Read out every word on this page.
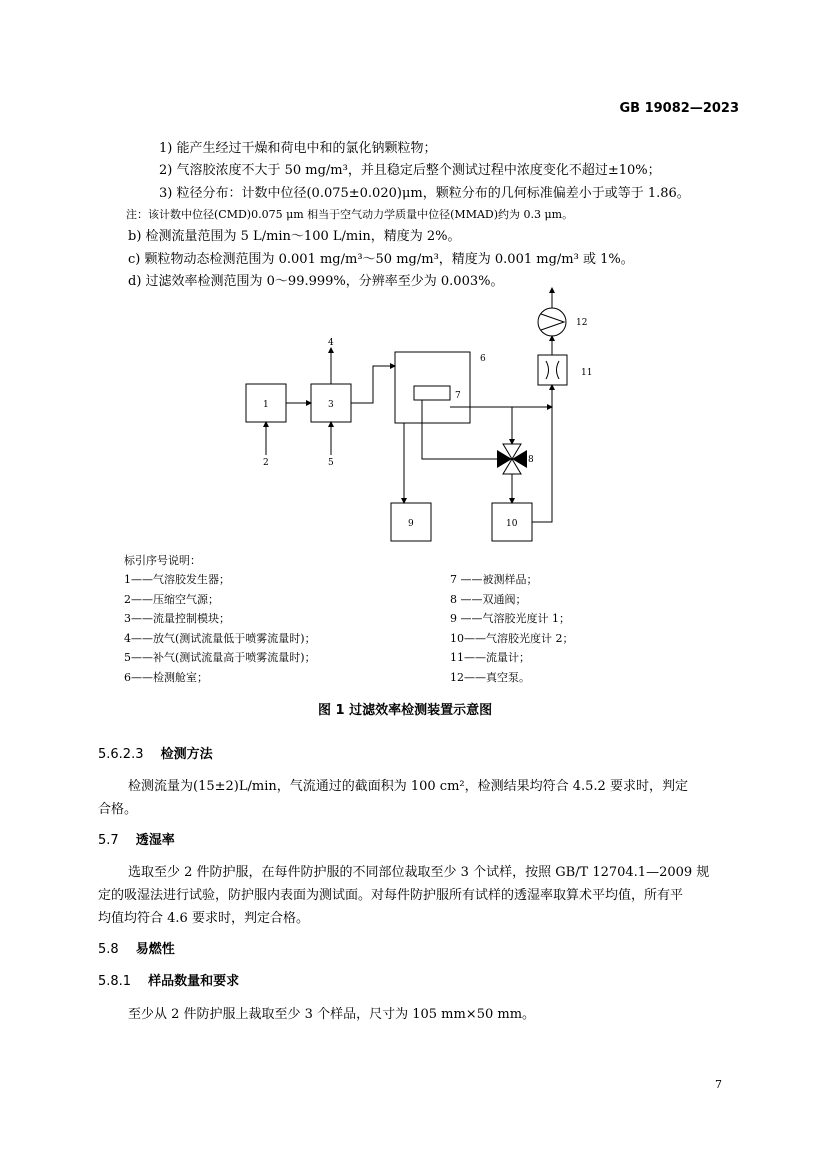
GB 19082—2023
1) 能产生经过干燥和荷电中和的氯化钠颗粒物；
2) 气溶胶浓度不大于 50 mg/m³，并且稳定后整个测试过程中浓度变化不超过±10%；
3) 粒径分布：计数中位径(0.075±0.020)μm，颗粒分布的几何标准偏差小于或等于 1.86。
注：该计数中位径(CMD)0.075 μm 相当于空气动力学质量中位径(MMAD)约为 0.3 μm。
b) 检测流量范围为 5 L/min～100 L/min，精度为 2%。
c) 颗粒物动态检测范围为 0.001 mg/m³～50 mg/m³，精度为 0.001 mg/m³ 或 1%。
d) 过滤效率检测范围为 0～99.999%，分辨率至少为 0.003%。
1
2
3
4
5
6
7
8
9	10
11
12
标引序号说明：
1——气溶胶发生器；
2——压缩空气源；
3——流量控制模块；
4——放气(测试流量低于喷雾流量时)；
5——补气(测试流量高于喷雾流量时)；
6——检测舱室；
7 ——被测样品；
8 ——双通阀；
9 ——气溶胶光度计 1；
10——气溶胶光度计 2；
11——流量计；
12——真空泵。
图 1 过滤效率检测装置示意图
5.6.2.3 检测方法
检测流量为(15±2)L/min，气流通过的截面积为 100 cm²，检测结果均符合 4.5.2 要求时，判定
合格。
5.7 透湿率
选取至少 2 件防护服，在每件防护服的不同部位裁取至少 3 个试样，按照 GB/T 12704.1—2009 规
定的吸湿法进行试验，防护服内表面为测试面。对每件防护服所有试样的透湿率取算术平均值，所有平
均值均符合 4.6 要求时，判定合格。
5.8 易燃性
5.8.1 样品数量和要求
至少从 2 件防护服上裁取至少 3 个样品，尺寸为 105 mm×50 mm。
7
